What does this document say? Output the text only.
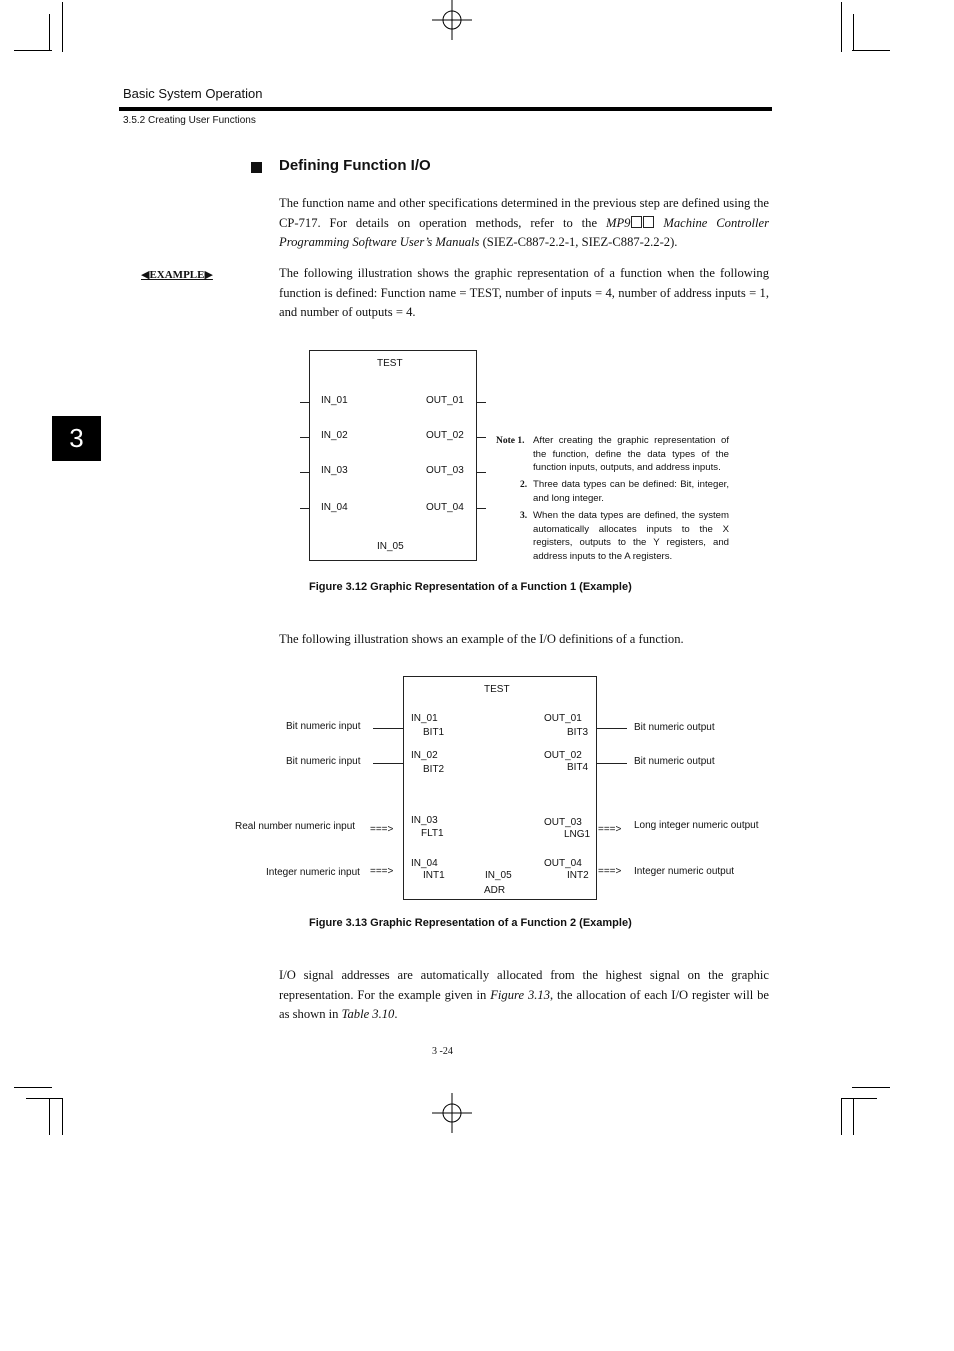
Basic System Operation
3.5.2 Creating User Functions
3
Defining Function I/O
The function name and other specifications determined in the previous step are defined using the CP-717. For details on operation methods, refer to the MP9 Machine Controller Programming Software User’s Manuals (SIEZ-C887-2.2-1, SIEZ-C887-2.2-2).
◀EXAMPLE▶	The following illustration shows the graphic representation of a function when the following function is defined: Function name = TEST, number of inputs = 4, number of address inputs = 1, and number of outputs = 4.
TEST
IN_01
IN_02
IN_03
IN_04
OUT_01
OUT_02
OUT_03
OUT_04
IN_05
Note 1. After creating the graphic representation of the function, define the data types of the function inputs, outputs, and address inputs.
2. Three data types can be defined: Bit, integer, and long integer.
3. When the data types are defined, the system automatically allocates inputs to the X registers, outputs to the Y registers, and address inputs to the A registers.
Figure 3.12 Graphic Representation of a Function 1 (Example)
The following illustration shows an example of the I/O definitions of a function.
TEST
Bit numeric input
Bit numeric input
Real number numeric input
Integer numeric input
===>
===>
IN_01
BIT1
IN_02
BIT2
IN_03
FLT1
IN_04
INT1	IN_05
ADR
OUT_01
BIT3
OUT_02
BIT4
OUT_03
LNG1
OUT_04
INT2
===>
===>
Bit numeric output
Bit numeric output
Long integer numeric output
Integer numeric output
Figure 3.13 Graphic Representation of a Function 2 (Example)
I/O signal addresses are automatically allocated from the highest signal on the graphic representation. For the example given in Figure 3.13, the allocation of each I/O register will be as shown in Table 3.10.
3 -24
